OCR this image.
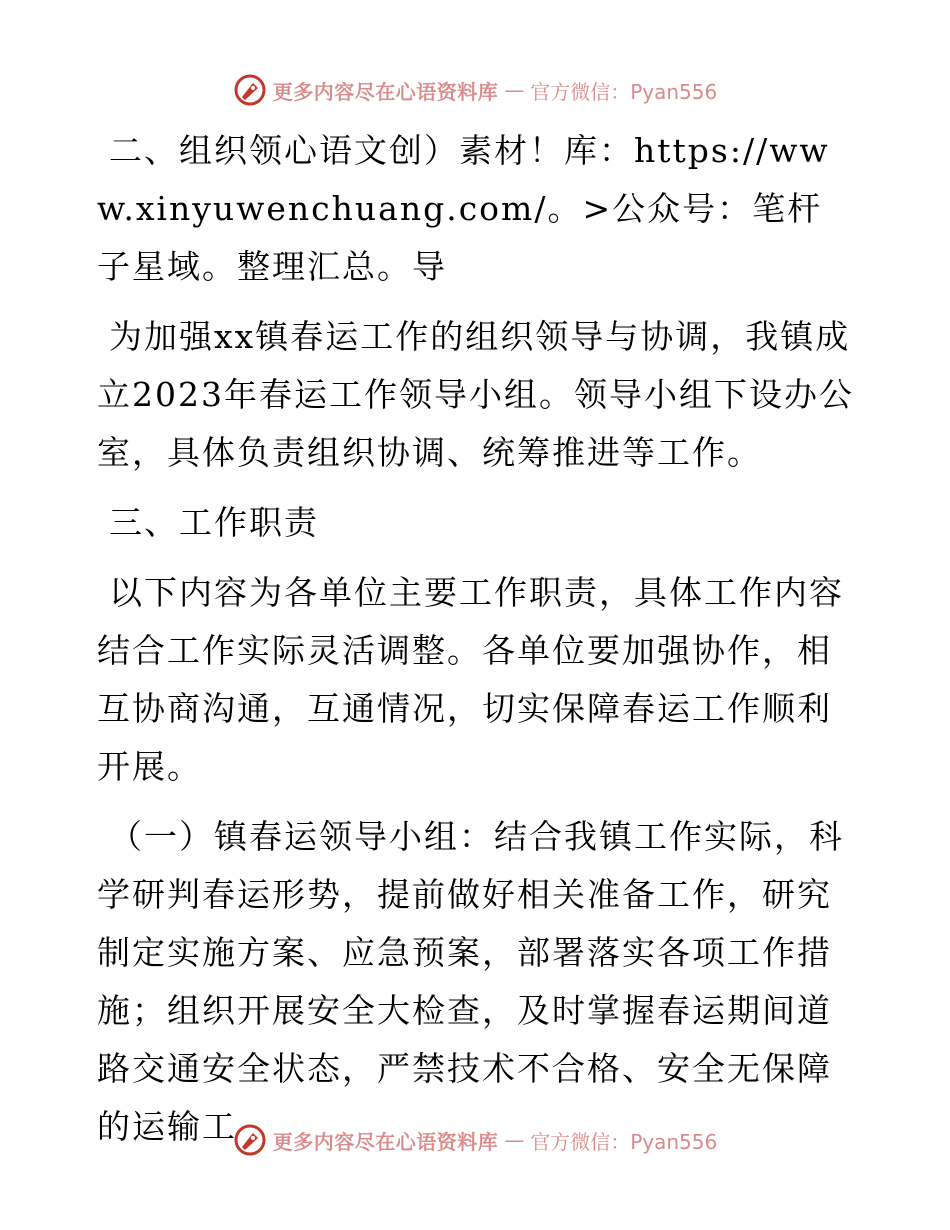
更多内容尽在心语资料库 — 官方微信：Pyan556

二、组织领心语文创）素材！库：https://www.xinyuwenchuang.com/。>公众号：笔杆子星域。整理汇总。导

为加强xx镇春运工作的组织领导与协调，我镇成立2023年春运工作领导小组。领导小组下设办公室，具体负责组织协调、统筹推进等工作。

三、工作职责

以下内容为各单位主要工作职责，具体工作内容结合工作实际灵活调整。各单位要加强协作，相互协商沟通，互通情况，切实保障春运工作顺利开展。

（一）镇春运领导小组：结合我镇工作实际，科学研判春运形势，提前做好相关准备工作，研究制定实施方案、应急预案，部署落实各项工作措施；组织开展安全大检查，及时掌握春运期间道路交通安全状态，严禁技术不合格、安全无保障的运输工	更多内容尽在心语资料库 — 官方微信：Pyan556
